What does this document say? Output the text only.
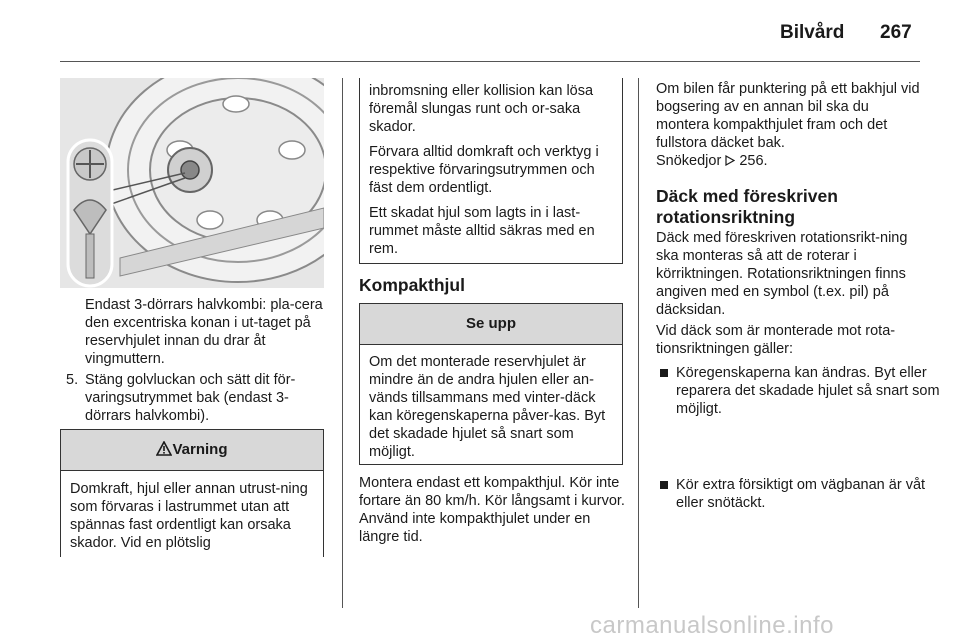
Bilvård 267

Endast 3-dörrars halvkombi: pla-cera den excentriska konan i ut-taget på reservhjulet innan du drar åt vingmuttern.

5. Stäng golvluckan och sätt dit för-varingsutrymmet bak (endast 3-dörrars halvkombi).

Varning

Domkraft, hjul eller annan utrust-ning som förvaras i lastrummet utan att spännas fast ordentligt kan orsaka skador. Vid en plötslig

inbromsning eller kollision kan lösa föremål slungas runt och or-saka skador.

Förvara alltid domkraft och verktyg i respektive förvaringsutrymmen och fäst dem ordentligt.

Ett skadat hjul som lagts in i last-rummet måste alltid säkras med en rem.

Kompakthjul
Se upp

Om det monterade reservhjulet är mindre än de andra hjulen eller an-vänds tillsammans med vinter-däck kan köregenskaperna påver-kas. Byt det skadade hjulet så snart som möjligt.

Montera endast ett kompakthjul. Kör inte fortare än 80 km/h. Kör långsamt i kurvor. Använd inte kompakthjulet under en längre tid.

Om bilen får punktering på ett bakhjul vid bogsering av en annan bil ska du montera kompakthjulet fram och det fullstora däcket bak.

Snökedjor 256.
Däck med föreskriven rotationsriktning

Däck med föreskriven rotationsrikt-ning ska monteras så att de roterar i körriktningen. Rotationsriktningen finns angiven med en symbol (t.ex. pil) på däcksidan.

Vid däck som är monterade mot rota-tionsriktningen gäller:

Köregenskaperna kan ändras. Byt eller reparera det skadade hjulet så snart som möjligt.
Kör extra försiktigt om vägbanan är våt eller snötäckt.
carmanualsonline.info
